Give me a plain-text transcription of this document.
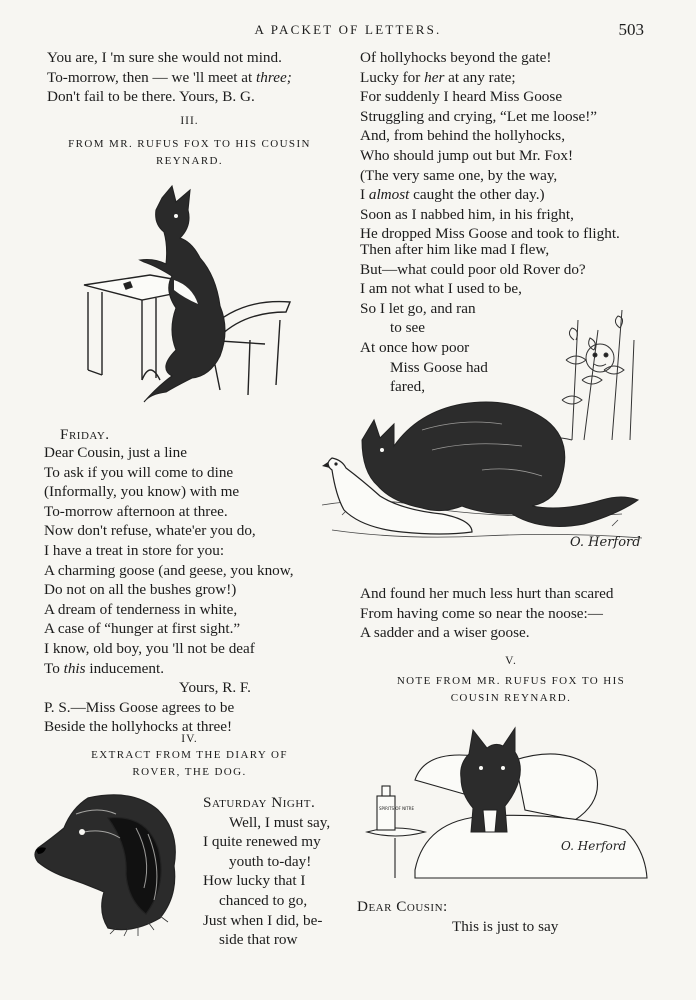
A PACKET OF LETTERS.	503
You are, I 'm sure she would not mind.
To-morrow, then — we 'll meet at three;
Don't fail to be there. Yours, B. G.
III.
FROM MR. RUFUS FOX TO HIS COUSIN
REYNARD.
Friday.
Dear Cousin, just a line
To ask if you will come to dine
(Informally, you know) with me
To-morrow afternoon at three.
Now don't refuse, whate'er you do,
I have a treat in store for you:
A charming goose (and geese, you know,
Do not on all the bushes grow!)
A dream of tenderness in white,
A case of “hunger at first sight.”
I know, old boy, you 'll not be deaf
To this inducement.
Yours, R. F.
P. S.—Miss Goose agrees to be
Beside the hollyhocks at three!
IV.
EXTRACT FROM THE DIARY OF
ROVER, THE DOG.
Saturday Night.
Well, I must say,
I quite renewed my
youth to-day!
How lucky that I
chanced to go,
Just when I did, be-
side that row
Of hollyhocks beyond the gate!
Lucky for her at any rate;
For suddenly I heard Miss Goose
Struggling and crying, “Let me loose!”
And, from behind the hollyhocks,
Who should jump out but Mr. Fox!
(The very same one, by the way,
I almost caught the other day.)
Soon as I nabbed him, in his fright,
He dropped Miss Goose and took to flight.
Then after him like mad I flew,
But—what could poor old Rover do?
I am not what I used to be,
So I let go, and ran
to see
At once how poor
Miss Goose had
fared,
O. Herford
And found her much less hurt than scared
From having come so near the noose:—
A sadder and a wiser goose.
V.
NOTE FROM MR. RUFUS FOX TO HIS
COUSIN REYNARD.
SPIRITS OF NITRE
O. Herford
Dear Cousin:
This is just to say
